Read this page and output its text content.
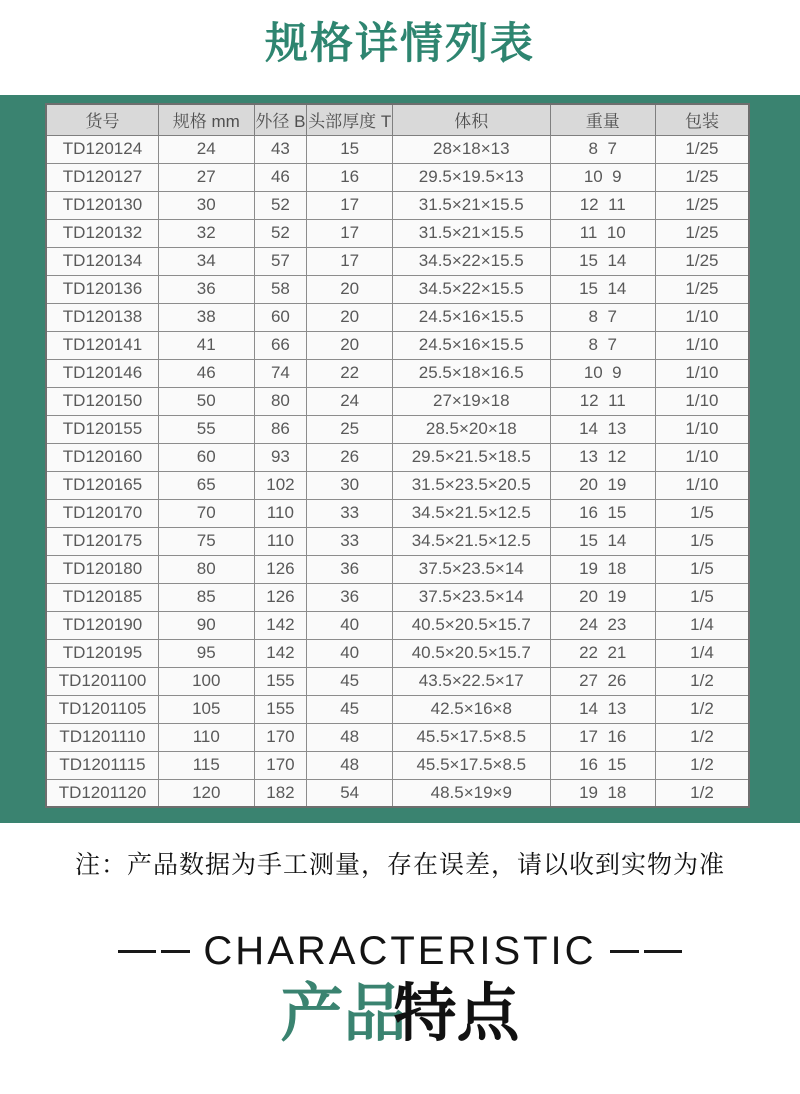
规格详情列表
货号	规格 mm	外径 B	头部厚度 T	体积	重量	包装
TD120124	24	43	15	28×18×13	8  7	1/25
TD120127	27	46	16	29.5×19.5×13	10  9	1/25
TD120130	30	52	17	31.5×21×15.5	12  11	1/25
TD120132	32	52	17	31.5×21×15.5	11  10	1/25
TD120134	34	57	17	34.5×22×15.5	15  14	1/25
TD120136	36	58	20	34.5×22×15.5	15  14	1/25
TD120138	38	60	20	24.5×16×15.5	8  7	1/10
TD120141	41	66	20	24.5×16×15.5	8  7	1/10
TD120146	46	74	22	25.5×18×16.5	10  9	1/10
TD120150	50	80	24	27×19×18	12  11	1/10
TD120155	55	86	25	28.5×20×18	14  13	1/10
TD120160	60	93	26	29.5×21.5×18.5	13  12	1/10
TD120165	65	102	30	31.5×23.5×20.5	20  19	1/10
TD120170	70	110	33	34.5×21.5×12.5	16  15	1/5
TD120175	75	110	33	34.5×21.5×12.5	15  14	1/5
TD120180	80	126	36	37.5×23.5×14	19  18	1/5
TD120185	85	126	36	37.5×23.5×14	20  19	1/5
TD120190	90	142	40	40.5×20.5×15.7	24  23	1/4
TD120195	95	142	40	40.5×20.5×15.7	22  21	1/4
TD1201100	100	155	45	43.5×22.5×17	27  26	1/2
TD1201105	105	155	45	42.5×16×8	14  13	1/2
TD1201110	110	170	48	45.5×17.5×8.5	17  16	1/2
TD1201115	115	170	48	45.5×17.5×8.5	16  15	1/2
TD1201120	120	182	54	48.5×19×9	19  18	1/2
注：产品数据为手工测量，存在误差，请以收到实物为准
CHARACTERISTIC
产品特点
